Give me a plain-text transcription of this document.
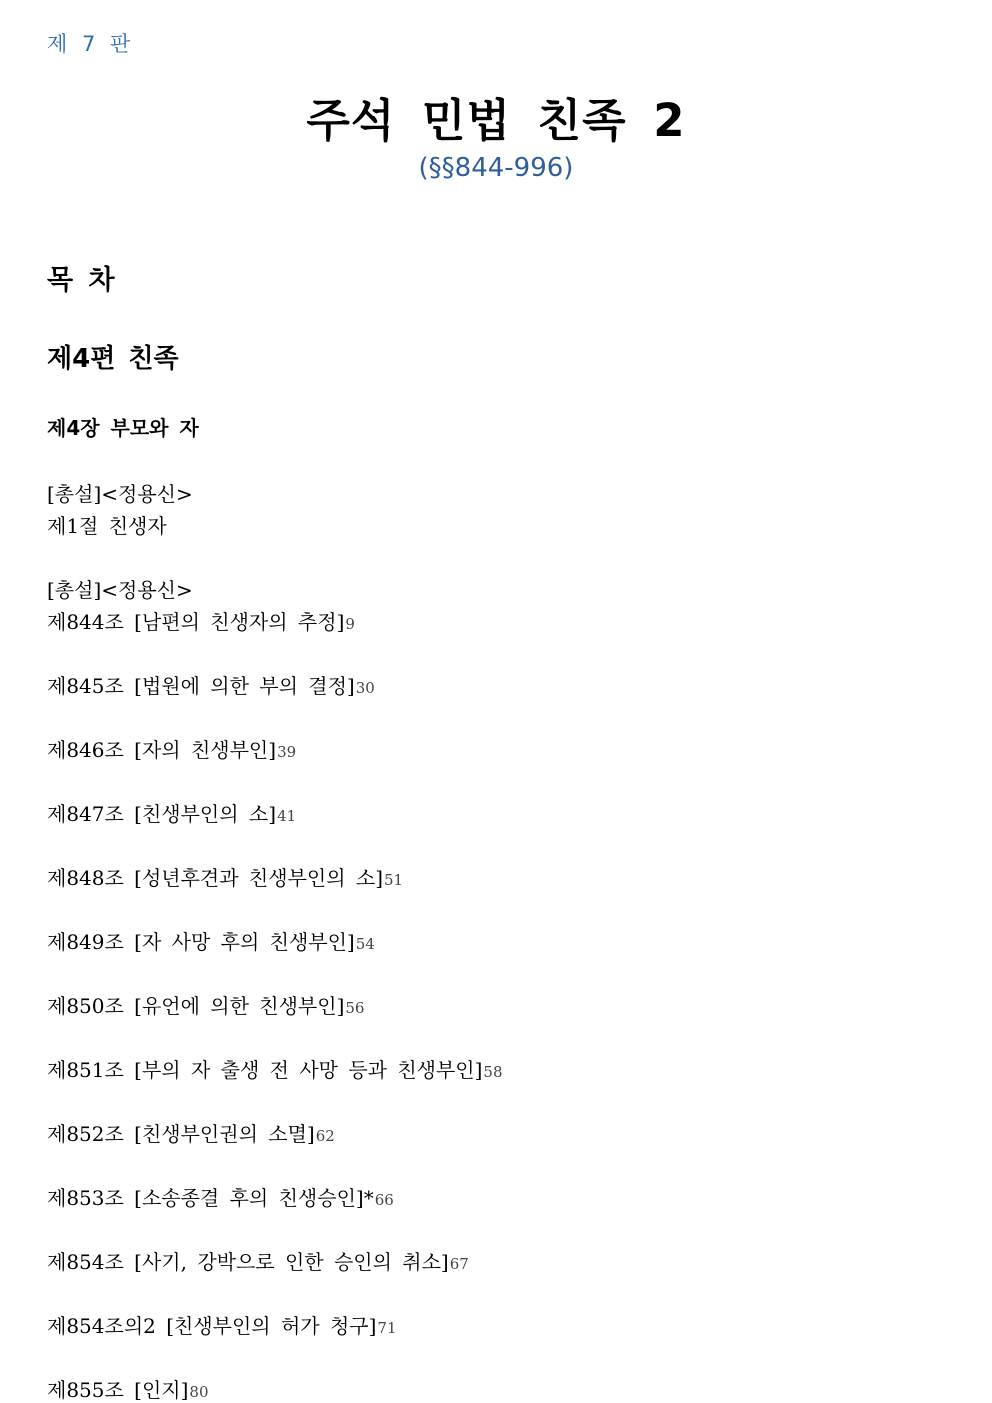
제 7 판
주석 민법 친족 2
(§§844-996)
목 차
제4편 친족
제4장 부모와 자
[총설]<정용신>
제1절 친생자
[총설]<정용신>
제844조 [남편의 친생자의 추정]9
제845조 [법원에 의한 부의 결정]30
제846조 [자의 친생부인]39
제847조 [친생부인의 소]41
제848조 [성년후견과 친생부인의 소]51
제849조 [자 사망 후의 친생부인]54
제850조 [유언에 의한 친생부인]56
제851조 [부의 자 출생 전 사망 등과 친생부인]58
제852조 [친생부인권의 소멸]62
제853조 [소송종결 후의 친생승인]*66
제854조 [사기, 강박으로 인한 승인의 취소]67
제854조의2 [친생부인의 허가 청구]71
제855조 [인지]80
